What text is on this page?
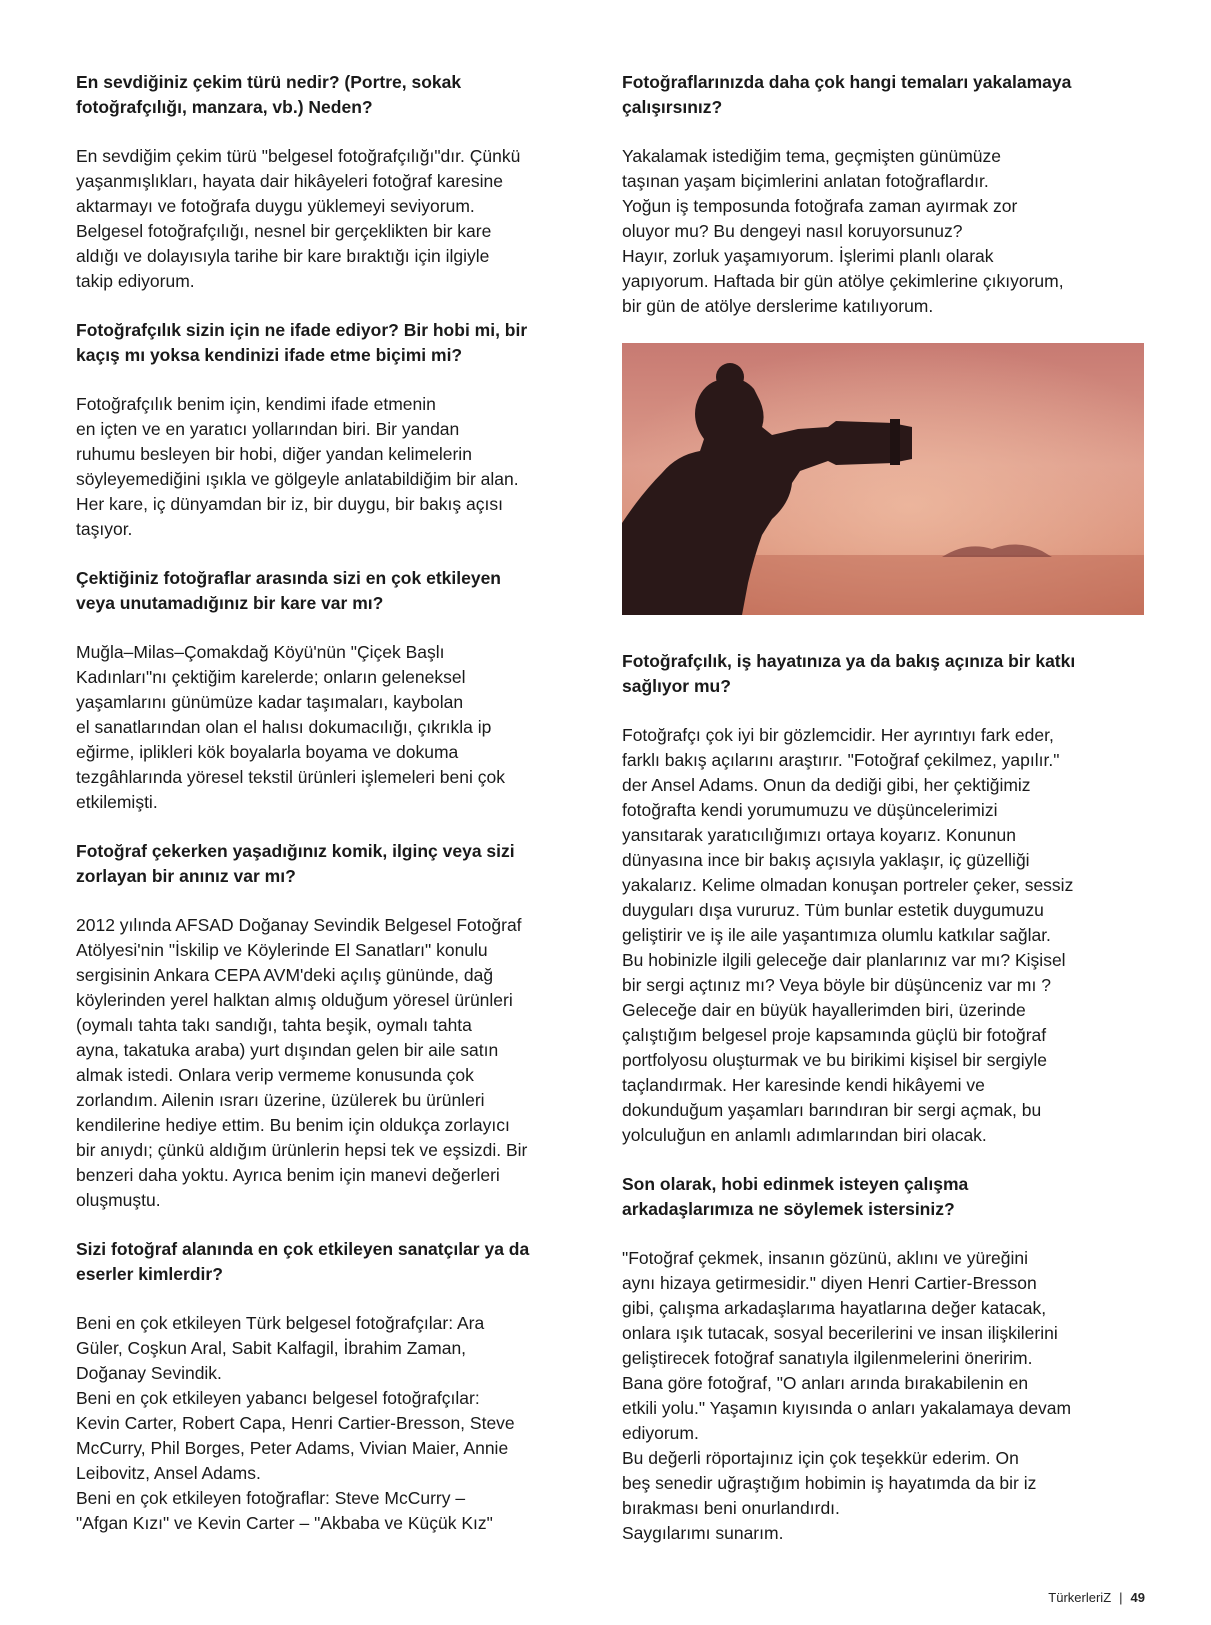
En sevdiğiniz çekim türü nedir? (Portre, sokak
fotoğrafçılığı, manzara, vb.) Neden?

En sevdiğim çekim türü "belgesel fotoğrafçılığı"dır. Çünkü
yaşanmışlıkları, hayata dair hikâyeleri fotoğraf karesine
aktarmayı ve fotoğrafa duygu yüklemeyi seviyorum.
Belgesel fotoğrafçılığı, nesnel bir gerçeklikten bir kare
aldığı ve dolayısıyla tarihe bir kare bıraktığı için ilgiyle
takip ediyorum.

Fotoğrafçılık sizin için ne ifade ediyor? Bir hobi mi, bir
kaçış mı yoksa kendinizi ifade etme biçimi mi?

Fotoğrafçılık benim için, kendimi ifade etmenin
en içten ve en yaratıcı yollarından biri. Bir yandan
ruhumu besleyen bir hobi, diğer yandan kelimelerin
söyleyemediğini ışıkla ve gölgeyle anlatabildiğim bir alan.
Her kare, iç dünyamdan bir iz, bir duygu, bir bakış açısı
taşıyor.

Çektiğiniz fotoğraflar arasında sizi en çok etkileyen
veya unutamadığınız bir kare var mı?

Muğla–Milas–Çomakdağ Köyü'nün "Çiçek Başlı
Kadınları"nı çektiğim karelerde; onların geleneksel
yaşamlarını günümüze kadar taşımaları, kaybolan
el sanatlarından olan el halısı dokumacılığı, çıkrıkla ip
eğirme, iplikleri kök boyalarla boyama ve dokuma
tezgâhlarında yöresel tekstil ürünleri işlemeleri beni çok
etkilemişti.

Fotoğraf çekerken yaşadığınız komik, ilginç veya sizi
zorlayan bir anınız var mı?

2012 yılında AFSAD Doğanay Sevindik Belgesel Fotoğraf
Atölyesi'nin "İskilip ve Köylerinde El Sanatları" konulu
sergisinin Ankara CEPA AVM'deki açılış gününde, dağ
köylerinden yerel halktan almış olduğum yöresel ürünleri
(oymalı tahta takı sandığı, tahta beşik, oymalı tahta
ayna, takatuka araba) yurt dışından gelen bir aile satın
almak istedi. Onlara verip vermeme konusunda çok
zorlandım. Ailenin ısrarı üzerine, üzülerek bu ürünleri
kendilerine hediye ettim. Bu benim için oldukça zorlayıcı
bir anıydı; çünkü aldığım ürünlerin hepsi tek ve eşsizdi. Bir
benzeri daha yoktu. Ayrıca benim için manevi değerleri
oluşmuştu.

Sizi fotoğraf alanında en çok etkileyen sanatçılar ya da
eserler kimlerdir?

Beni en çok etkileyen Türk belgesel fotoğrafçılar: Ara
Güler, Coşkun Aral, Sabit Kalfagil, İbrahim Zaman,
Doğanay Sevindik.
Beni en çok etkileyen yabancı belgesel fotoğrafçılar:
Kevin Carter, Robert Capa, Henri Cartier-Bresson, Steve
McCurry, Phil Borges, Peter Adams, Vivian Maier, Annie
Leibovitz, Ansel Adams.
Beni en çok etkileyen fotoğraflar: Steve McCurry –
"Afgan Kızı" ve Kevin Carter – "Akbaba ve Küçük Kız"

Fotoğraflarınızda daha çok hangi temaları yakalamaya
çalışırsınız?

Yakalamak istediğim tema, geçmişten günümüze
taşınan yaşam biçimlerini anlatan fotoğraflardır.
Yoğun iş temposunda fotoğrafa zaman ayırmak zor
oluyor mu? Bu dengeyi nasıl koruyorsunuz?
Hayır, zorluk yaşamıyorum. İşlerimi planlı olarak
yapıyorum. Haftada bir gün atölye çekimlerine çıkıyorum,
bir gün de atölye derslerime katılıyorum.

Fotoğrafçılık, iş hayatınıza ya da bakış açınıza bir katkı
sağlıyor mu?

Fotoğrafçı çok iyi bir gözlemcidir. Her ayrıntıyı fark eder,
farklı bakış açılarını araştırır. "Fotoğraf çekilmez, yapılır."
der Ansel Adams. Onun da dediği gibi, her çektiğimiz
fotoğrafta kendi yorumumuzu ve düşüncelerimizi
yansıtarak yaratıcılığımızı ortaya koyarız. Konunun
dünyasına ince bir bakış açısıyla yaklaşır, iç güzelliği
yakalarız. Kelime olmadan konuşan portreler çeker, sessiz
duyguları dışa vururuz. Tüm bunlar estetik duygumuzu
geliştirir ve iş ile aile yaşantımıza olumlu katkılar sağlar.
Bu hobinizle ilgili geleceğe dair planlarınız var mı? Kişisel
bir sergi açtınız mı? Veya böyle bir düşünceniz var mı ?
Geleceğe dair en büyük hayallerimden biri, üzerinde
çalıştığım belgesel proje kapsamında güçlü bir fotoğraf
portfolyosu oluşturmak ve bu birikimi kişisel bir sergiyle
taçlandırmak. Her karesinde kendi hikâyemi ve
dokunduğum yaşamları barındıran bir sergi açmak, bu
yolculuğun en anlamlı adımlarından biri olacak.

Son olarak, hobi edinmek isteyen çalışma
arkadaşlarımıza ne söylemek istersiniz?

"Fotoğraf çekmek, insanın gözünü, aklını ve yüreğini
aynı hizaya getirmesidir." diyen Henri Cartier-Bresson
gibi, çalışma arkadaşlarıma hayatlarına değer katacak,
onlara ışık tutacak, sosyal becerilerini ve insan ilişkilerini
geliştirecek fotoğraf sanatıyla ilgilenmelerini öneririm.
Bana göre fotoğraf, "O anları arında bırakabilenin en
etkili yolu." Yaşamın kıyısında o anları yakalamaya devam
ediyorum.
Bu değerli röportajınız için çok teşekkür ederim. On
beş senedir uğraştığım hobimin iş hayatımda da bir iz
bırakması beni onurlandırdı.
Saygılarımı sunarım.

TürkerleriZ | 49
